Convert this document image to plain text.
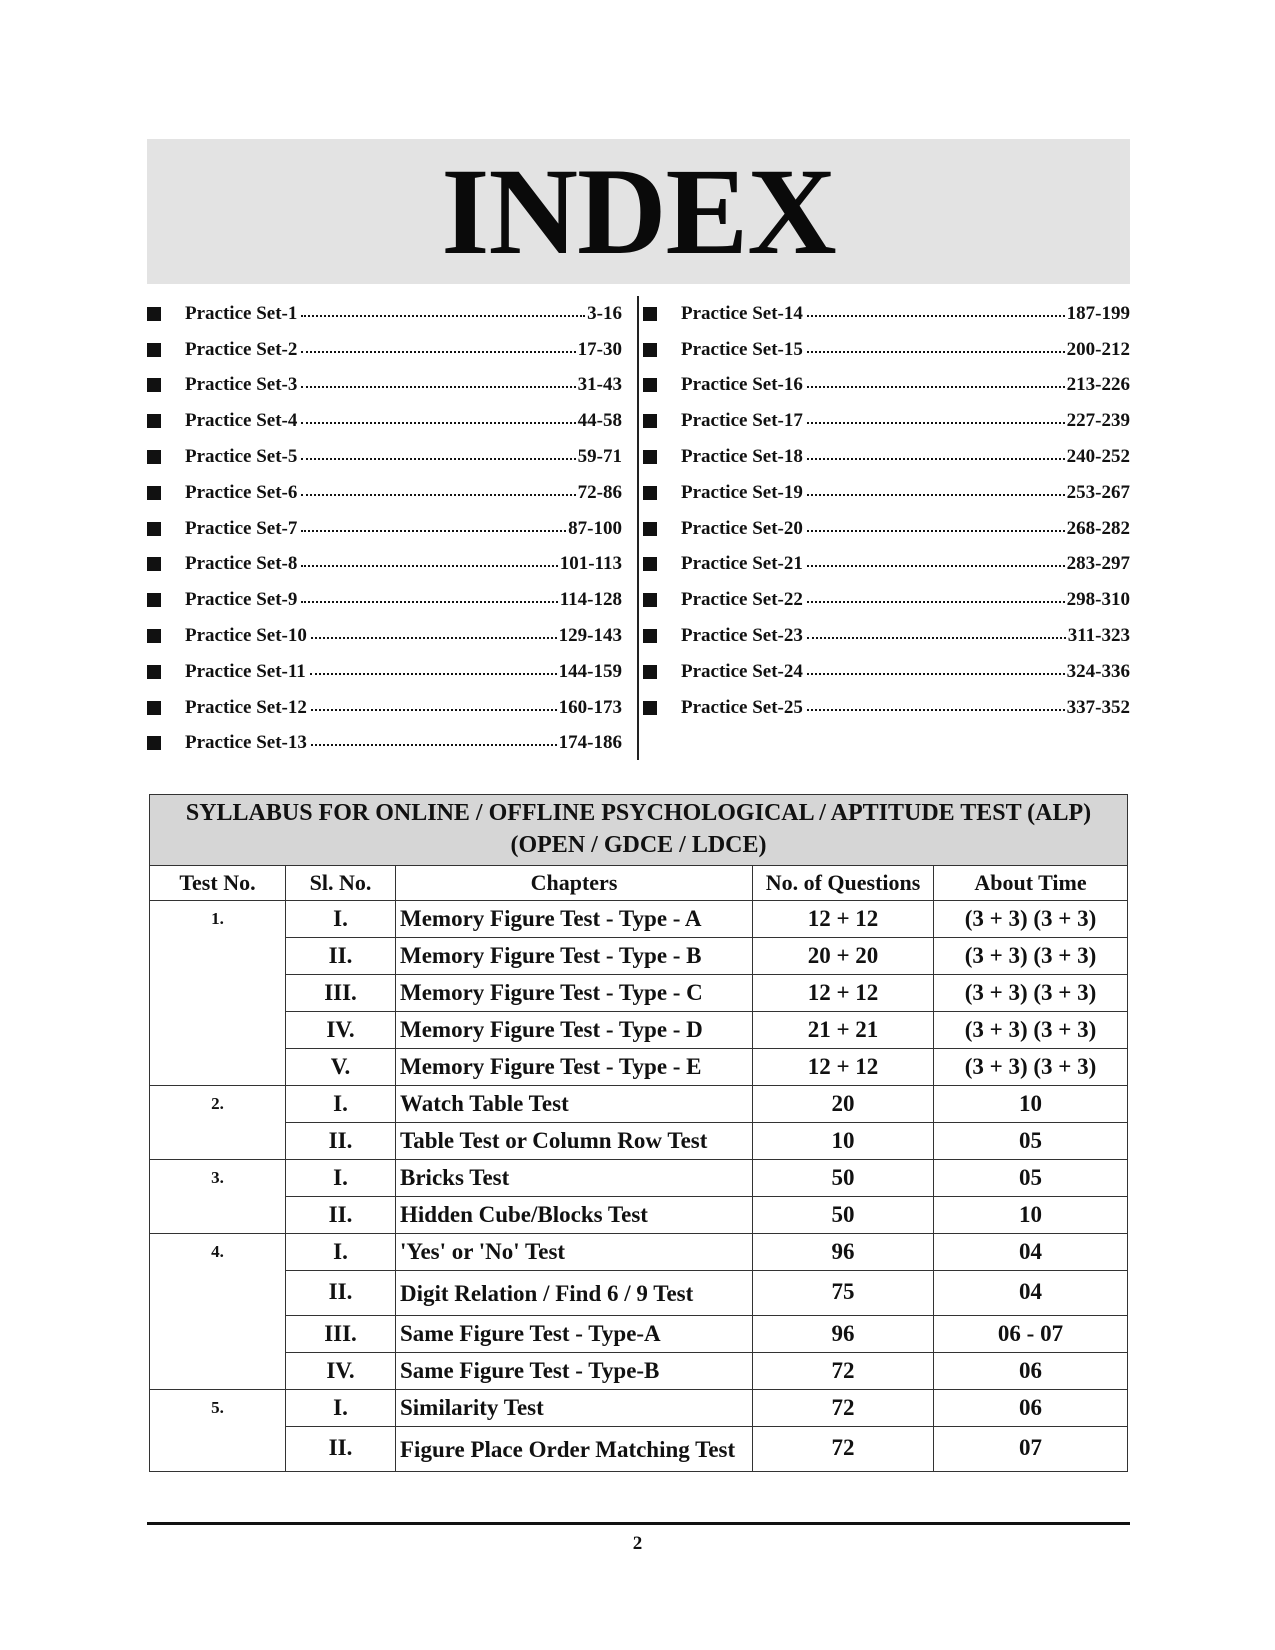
INDEX
Practice Set-1	3-16
Practice Set-2	17-30
Practice Set-3	31-43
Practice Set-4	44-58
Practice Set-5	59-71
Practice Set-6	72-86
Practice Set-7	87-100
Practice Set-8	101-113
Practice Set-9	114-128
Practice Set-10	129-143
Practice Set-11	144-159
Practice Set-12	160-173
Practice Set-13	174-186
Practice Set-14	187-199
Practice Set-15	200-212
Practice Set-16	213-226
Practice Set-17	227-239
Practice Set-18	240-252
Practice Set-19	253-267
Practice Set-20	268-282
Practice Set-21	283-297
Practice Set-22	298-310
Practice Set-23	311-323
Practice Set-24	324-336
Practice Set-25	337-352
SYLLABUS FOR ONLINE / OFFLINE PSYCHOLOGICAL / APTITUDE TEST (ALP)
(OPEN / GDCE / LDCE)				

Test No.	Sl. No.	Chapters	No. of Questions	About Time
1.	I.	Memory Figure Test - Type - A	12 + 12	(3 + 3) (3 + 3)
	II.	Memory Figure Test - Type - B	20 + 20	(3 + 3) (3 + 3)
	III.	Memory Figure Test - Type - C	12 + 12	(3 + 3) (3 + 3)
	IV.	Memory Figure Test - Type - D	21 + 21	(3 + 3) (3 + 3)
	V.	Memory Figure Test - Type - E	12 + 12	(3 + 3) (3 + 3)
2.	I.	Watch Table Test	20	10
	II.	Table Test or Column Row Test	10	05
3.	I.	Bricks Test	50	05
	II.	Hidden Cube/Blocks Test	50	10
4.	I.	'Yes' or 'No' Test	96	04
	II.	Digit Relation / Find 6 / 9 Test	75	04
	III.	Same Figure Test - Type-A	96	06 - 07
	IV.	Same Figure Test - Type-B	72	06
5.	I.	Similarity Test	72	06
	II.	Figure Place Order Matching Test	72	07
2
